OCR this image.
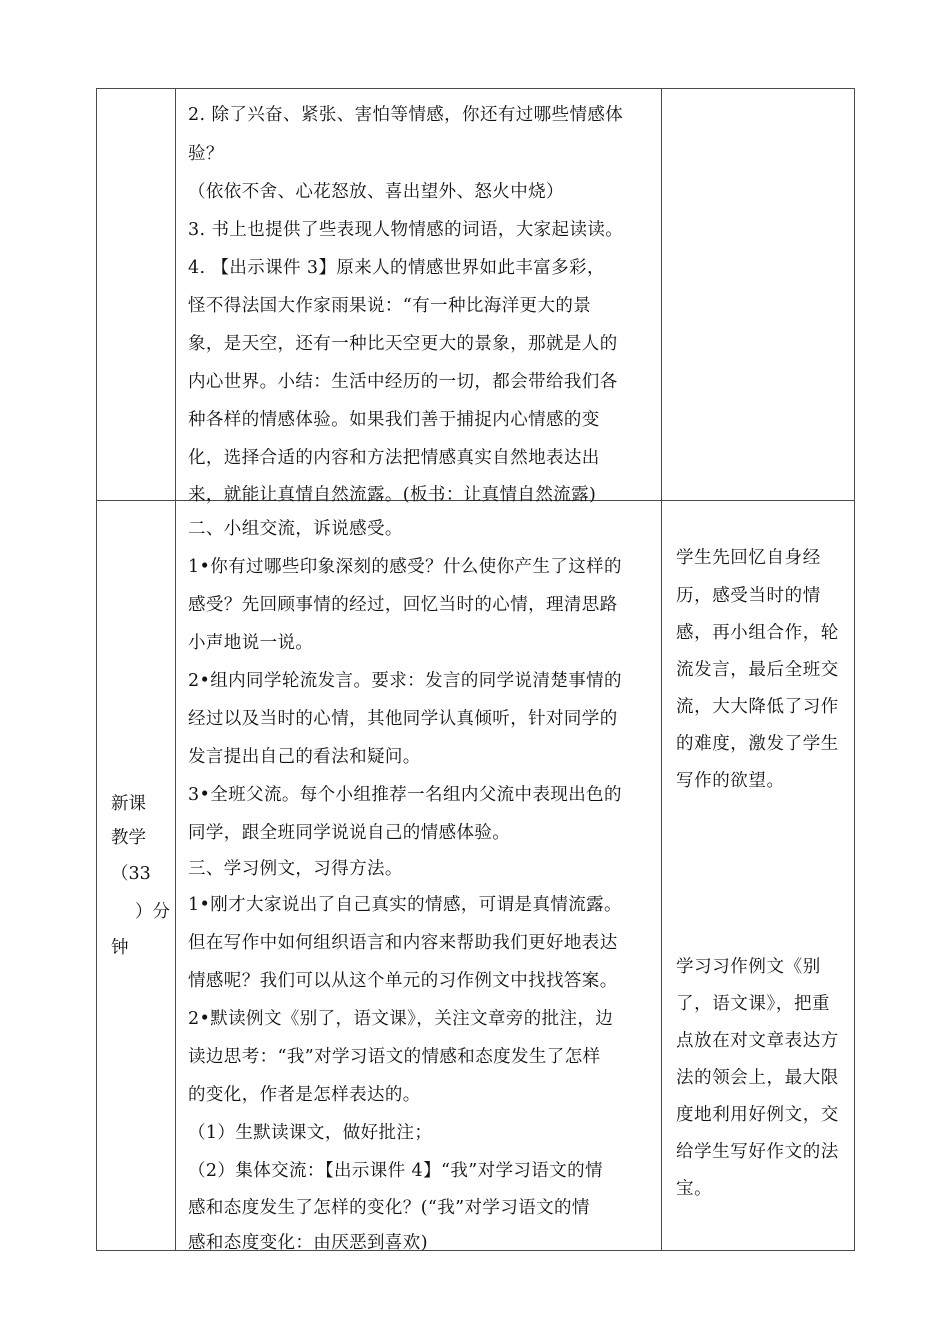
2. 除了兴奋、紧张、害怕等情感，你还有过哪些情感体
验？
（依依不舍、心花怒放、喜出望外、怒火中烧）
3. 书上也提供了些表现人物情感的词语，大家起读读。
4. 【出示课件 3】原来人的情感世界如此丰富多彩，
怪不得法国大作家雨果说：“有一种比海洋更大的景
象，是天空，还有一种比天空更大的景象，那就是人的
内心世界。小结：生活中经历的一切，都会带给我们各
种各样的情感体验。如果我们善于捕捉内心情感的变
化，选择合适的内容和方法把情感真实自然地表达出
来，就能让真情自然流露。(板书：让真情自然流露)
新课
教学
（33
）分
钟
二、小组交流，诉说感受。
1•你有过哪些印象深刻的感受？什么使你产生了这样的
感受？先回顾事情的经过，回忆当时的心情，理清思路
小声地说一说。
2•组内同学轮流发言。要求：发言的同学说清楚事情的
经过以及当时的心情，其他同学认真倾听，针对同学的
发言提出自己的看法和疑问。
3•全班父流。每个小组推荐一名组内父流中表现出色的
同学，跟全班同学说说自己的情感体验。
三、学习例文，习得方法。
1•刚才大家说出了自己真实的情感，可谓是真情流露。
但在写作中如何组织语言和内容来帮助我们更好地表达
情感呢？我们可以从这个单元的习作例文中找找答案。
2•默读例文《别了，语文课》，关注文章旁的批注，边
读边思考：“我”对学习语文的情感和态度发生了怎样
的变化，作者是怎样表达的。
（1）生默读课文，做好批注；
（2）集体交流：【出示课件 4】“我”对学习语文的情
感和态度发生了怎样的变化？(“我”对学习语文的情
感和态度变化：由厌恶到喜欢)
学生先回忆自身经
历，感受当时的情
感，再小组合作，轮
流发言，最后全班交
流，大大降低了习作
的难度，激发了学生
写作的欲望。
学习习作例文《别
了，语文课》，把重
点放在对文章表达方
法的领会上，最大限
度地利用好例文，交
给学生写好作文的法
宝。
